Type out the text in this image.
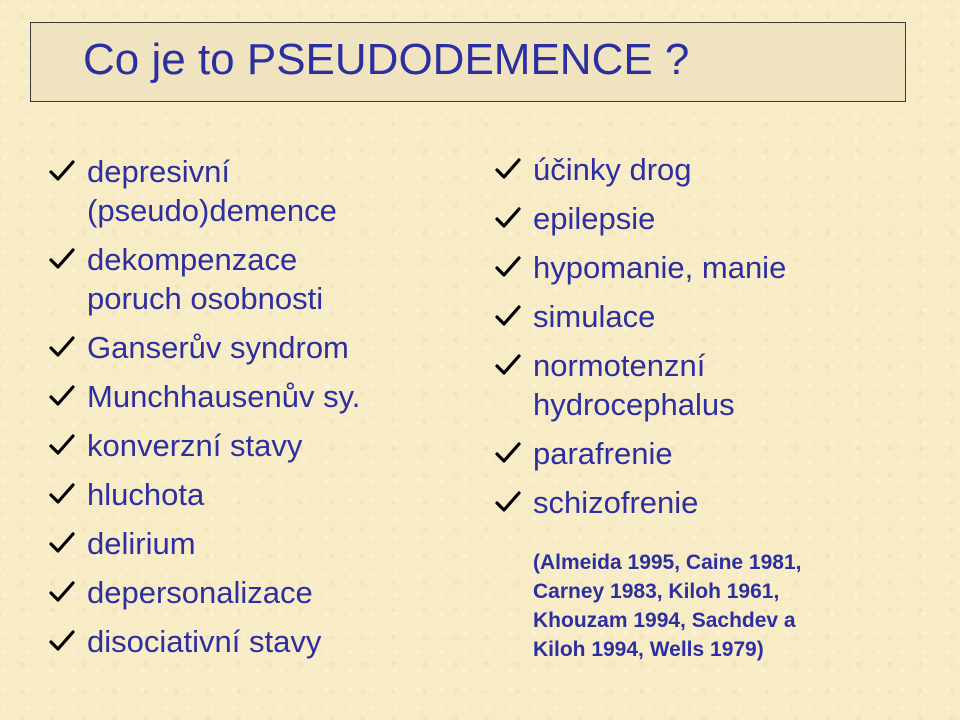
Co je to PSEUDODEMENCE ?
depresivní
(pseudo)demence
dekompenzace
poruch osobnosti
Ganserův syndrom
Munchhausenův sy.
konverzní stavy
hluchota
delirium
depersonalizace
disociativní stavy
účinky drog
epilepsie
hypomanie, manie
simulace
normotenzní
hydrocephalus
parafrenie
schizofrenie
(Almeida 1995, Caine 1981,
Carney 1983, Kiloh 1961,
Khouzam 1994, Sachdev a
Kiloh 1994, Wells 1979)
